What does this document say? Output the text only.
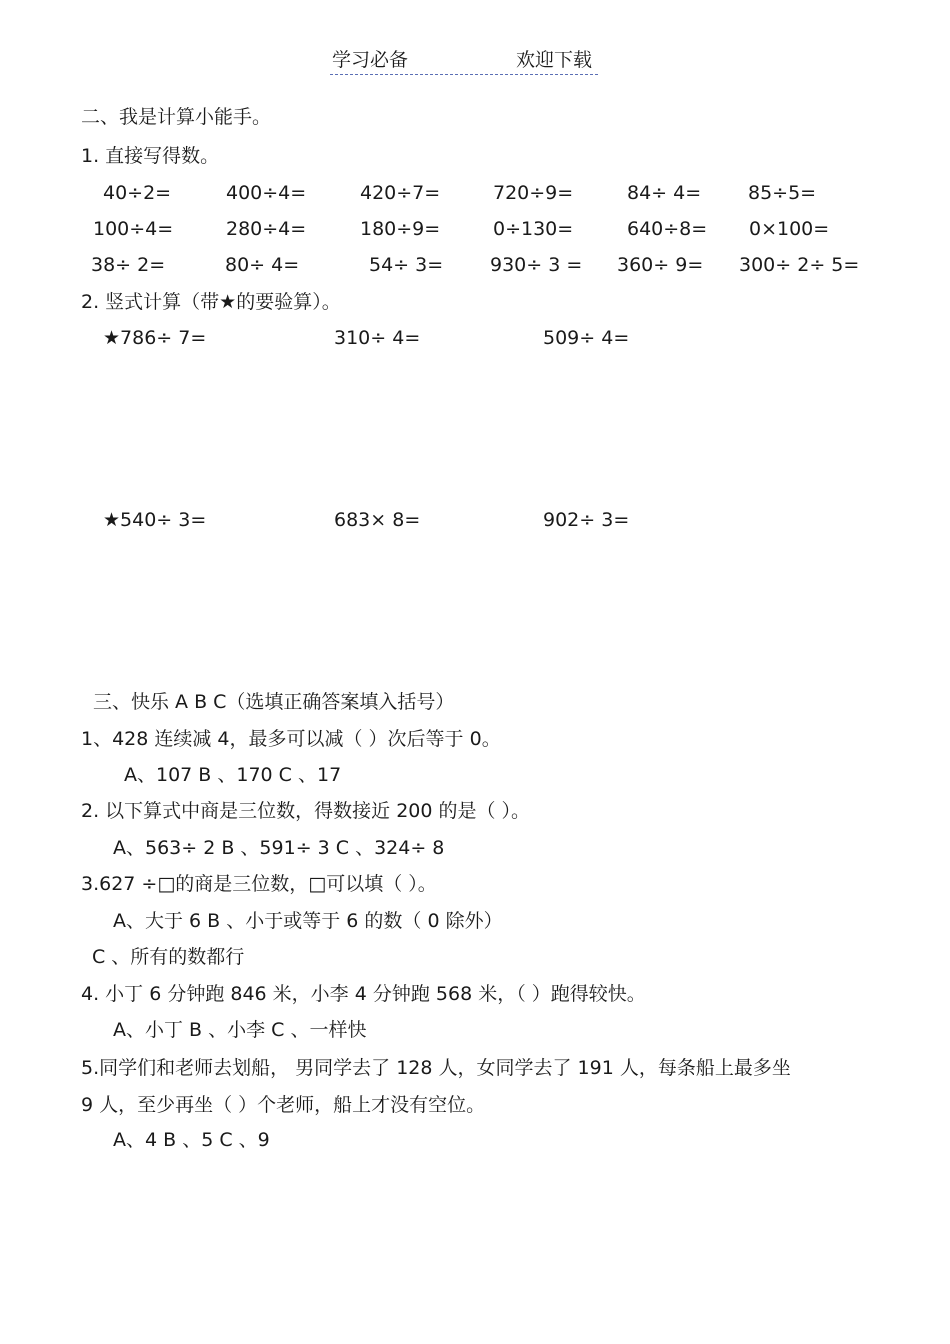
学习必备	欢迎下载
二、我是计算小能手。
1. 直接写得数。
40÷2=	400÷4=	420÷7=	720÷9=	84÷ 4= 85÷5=
100÷4=	280÷4=	180÷9=	0÷130=	640÷8= 0×100=
38÷ 2=	80÷ 4=	54÷ 3= 930÷ 3 = 360÷ 9= 300÷ 2÷ 5=
2. 竖式计算（带★的要验算）。
★786÷ 7=	310÷ 4=	509÷ 4=
★540÷ 3=	683× 8=	902÷ 3=
三、快乐 A B C（选填正确答案填入括号）
1、428 连续减 4，最多可以减（ ）次后等于 0。
A、107 B 、170 C 、17
2. 以下算式中商是三位数，得数接近 200 的是（ ）。
A、563÷ 2 B 、591÷ 3 C 、324÷ 8
3.627 ÷□的商是三位数，□可以填（ ）。
A、大于 6 B 、小于或等于 6 的数（ 0 除外）
C 、所有的数都行
4. 小丁 6 分钟跑 846 米，小李 4 分钟跑 568 米，（ ）跑得较快。
A、小丁 B 、小李 C 、一样快
5.同学们和老师去划船， 男同学去了 128 人，女同学去了 191 人，每条船上最多坐
9 人，至少再坐（ ）个老师，船上才没有空位。
A、4 B 、5 C 、9
